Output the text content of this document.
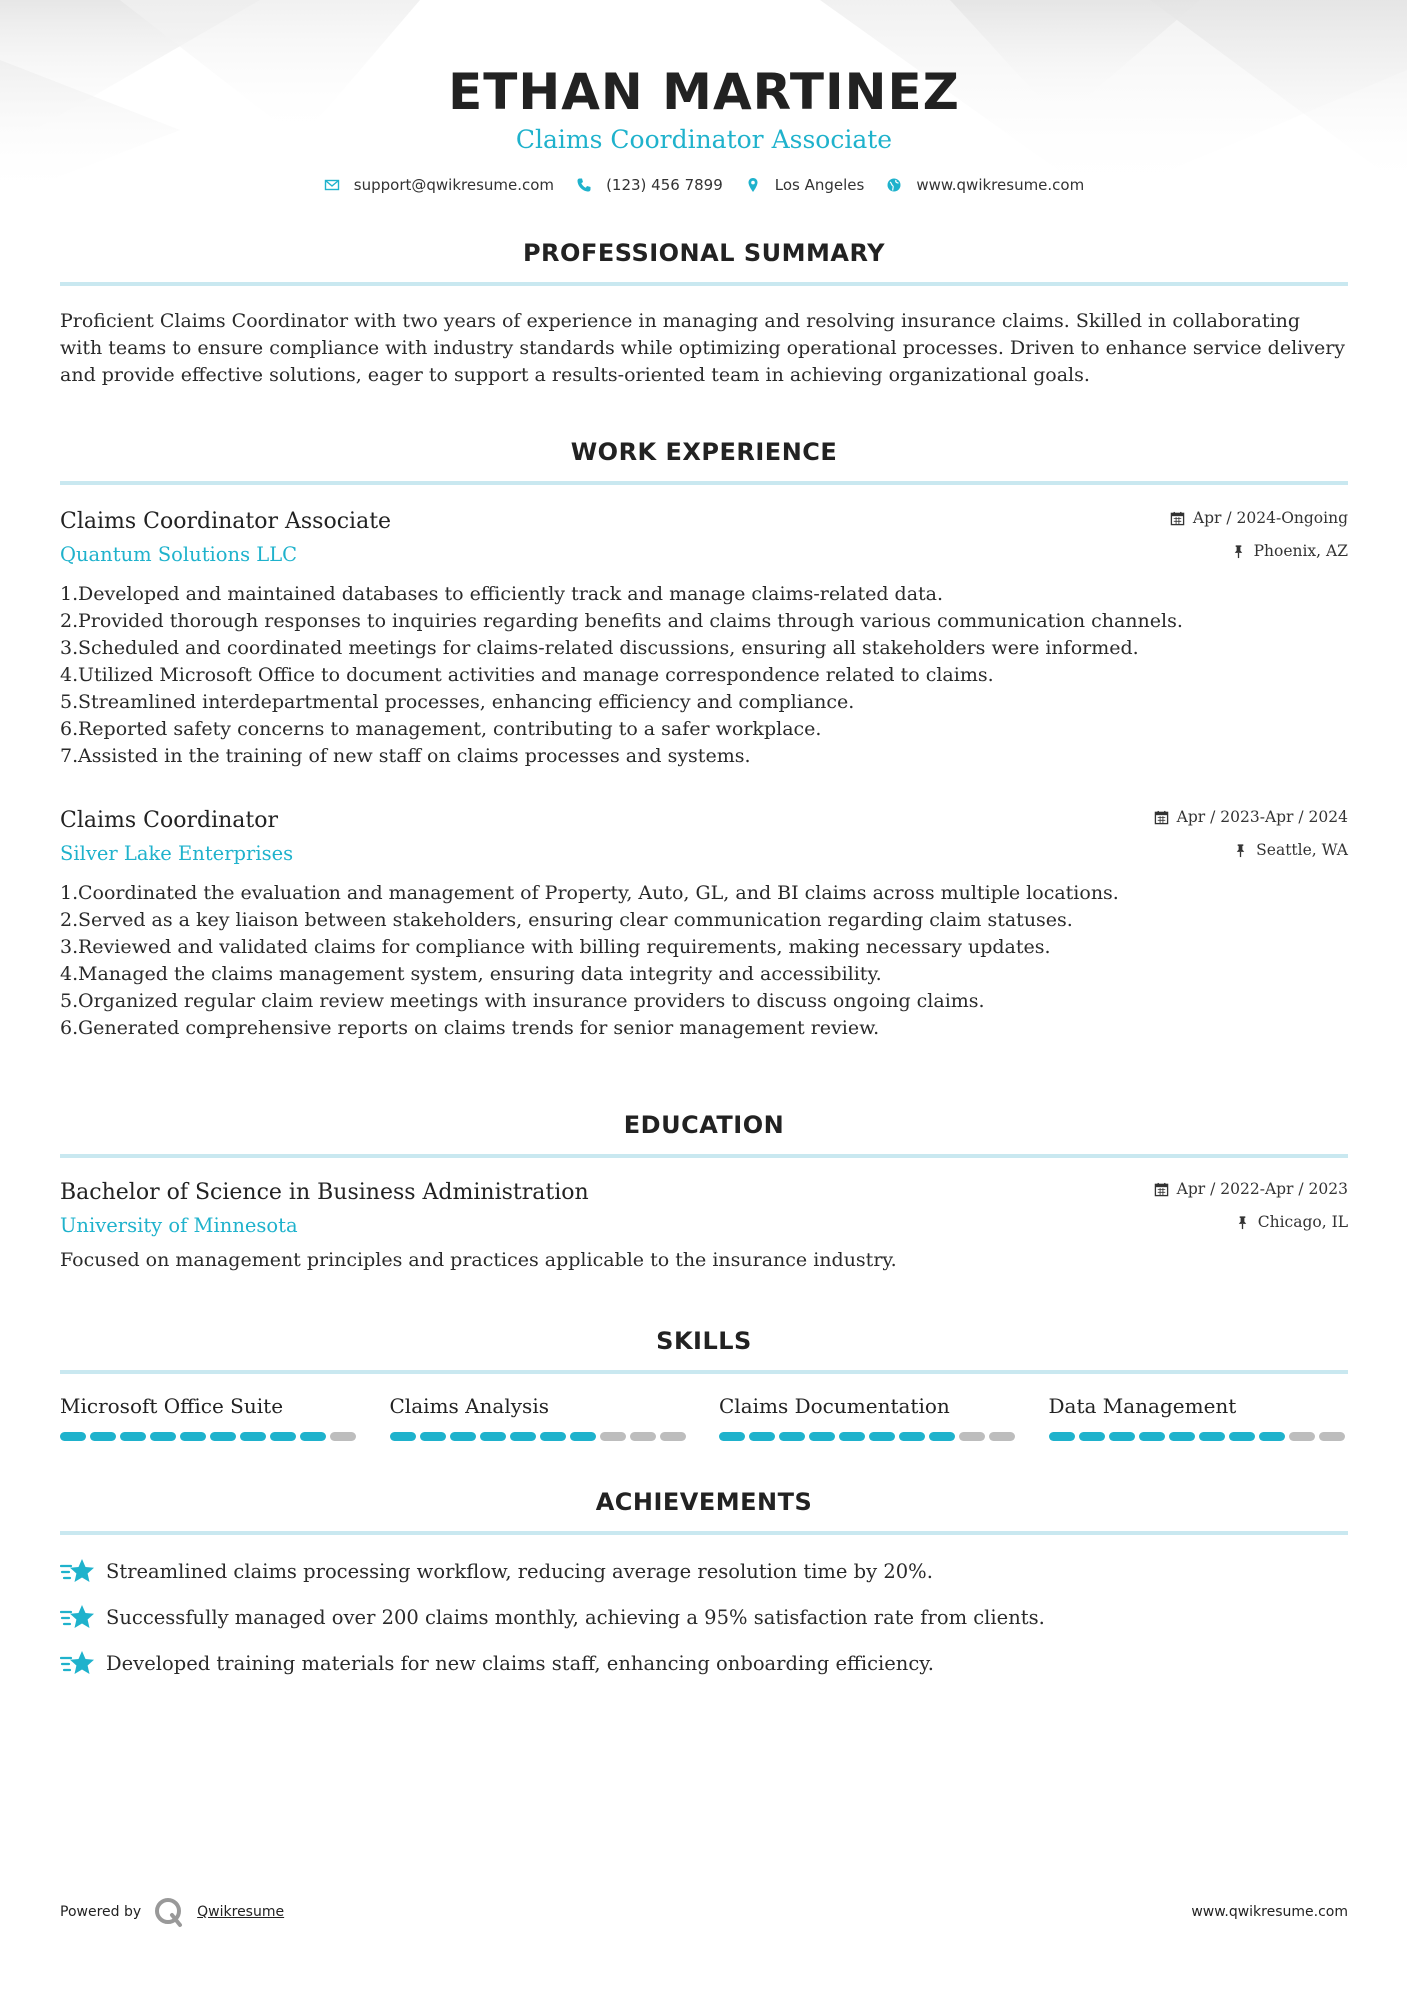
ETHAN MARTINEZ
Claims Coordinator Associate
support@qwikresume.com	(123) 456 7899	Los Angeles	www.qwikresume.com
PROFESSIONAL SUMMARY

Proficient Claims Coordinator with two years of experience in managing and resolving insurance claims. Skilled in collaborating with teams to ensure compliance with industry standards while optimizing operational processes. Driven to enhance service delivery and provide effective solutions, eager to support a results-oriented team in achieving organizational goals.

WORK EXPERIENCE
Claims Coordinator Associate
Quantum Solutions LLC
Apr / 2024-Ongoing
Phoenix, AZ
1. Developed and maintained databases to efficiently track and manage claims-related data.
2. Provided thorough responses to inquiries regarding benefits and claims through various communication channels.
3. Scheduled and coordinated meetings for claims-related discussions, ensuring all stakeholders were informed.
4. Utilized Microsoft Office to document activities and manage correspondence related to claims.
5. Streamlined interdepartmental processes, enhancing efficiency and compliance.
6. Reported safety concerns to management, contributing to a safer workplace.
7. Assisted in the training of new staff on claims processes and systems.
Claims Coordinator
Silver Lake Enterprises
Apr / 2023-Apr / 2024
Seattle, WA
1. Coordinated the evaluation and management of Property, Auto, GL, and BI claims across multiple locations.
2. Served as a key liaison between stakeholders, ensuring clear communication regarding claim statuses.
3. Reviewed and validated claims for compliance with billing requirements, making necessary updates.
4. Managed the claims management system, ensuring data integrity and accessibility.
5. Organized regular claim review meetings with insurance providers to discuss ongoing claims.
6. Generated comprehensive reports on claims trends for senior management review.
EDUCATION
Bachelor of Science in Business Administration
University of Minnesota
Apr / 2022-Apr / 2023
Chicago, IL

Focused on management principles and practices applicable to the insurance industry.

SKILLS
Microsoft Office Suite	Claims Analysis	Claims Documentation	Data Management
ACHIEVEMENTS
Streamlined claims processing workflow, reducing average resolution time by 20%.
Successfully managed over 200 claims monthly, achieving a 95% satisfaction rate from clients.
Developed training materials for new claims staff, enhancing onboarding efficiency.
Powered by	Qwikresume	www.qwikresume.com
